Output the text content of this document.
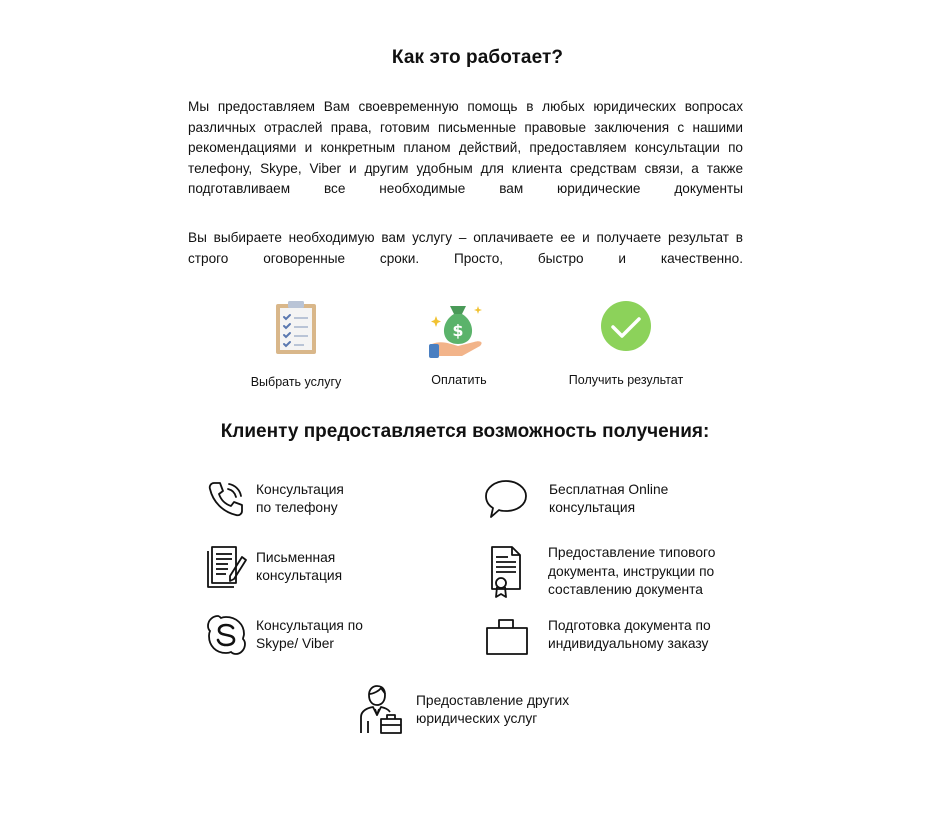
Как это работает?

Мы предоставляем Вам своевременную помощь в любых юридических вопросах различных отраслей права, готовим письменные правовые заключения с нашими рекомендациями и конкретным планом действий, предоставляем консультации по телефону, Skype, Viber и другим удобным для клиента средствам связи, а также подготавливаем все необходимые вам юридические документы

Вы выбираете необходимую вам услугу – оплачиваете ее и получаете результат в строго оговоренные сроки. Просто, быстро и качественно.

Выбрать услугу
$
Оплатить	Получить результат
Клиенту предоставляется возможность получения:
Консультация
по телефону
Бесплатная Online
консультация
Письменная
консультация
Предоставление типового
документа, инструкции по
составлению документа
Консультация по
Skype/ Viber
Подготовка документа по
индивидуальному заказу
Предоставление других
юридических услуг
